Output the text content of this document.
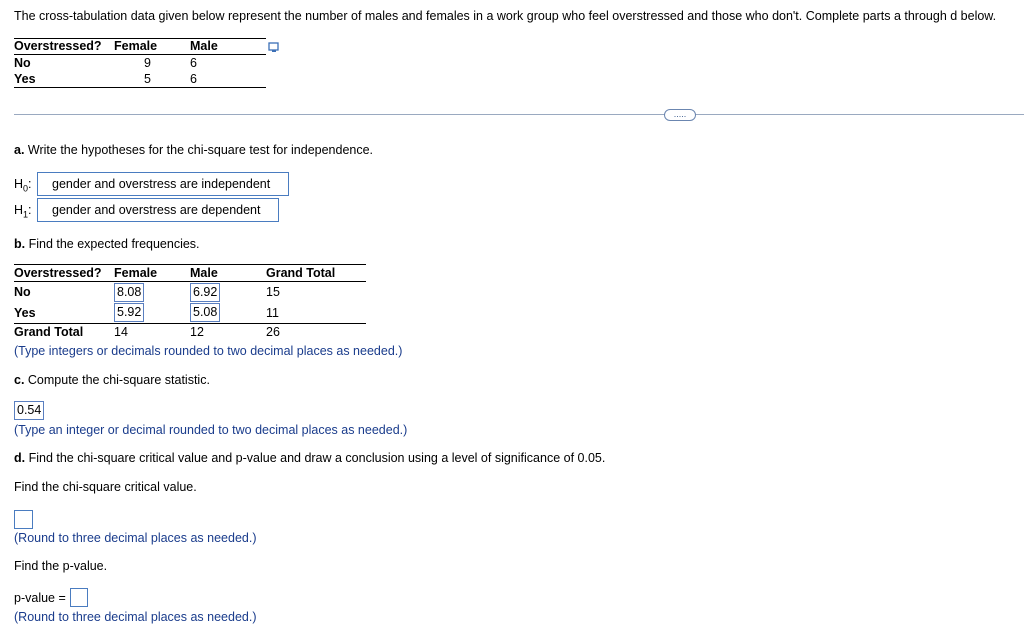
The cross-tabulation data given below represent the number of males and females in a work group who feel overstressed and those who don't. Complete parts a through d below.
Overstressed?	Female	Male
No	9	6
Yes	5	6
.....
a. Write the hypotheses for the chi-square test for independence.
$H_0$:	gender and overstress are independent
$H_1$:	gender and overstress are dependent
b. Find the expected frequencies.
Overstressed?	Female	Male	Grand Total
No	8.08	6.92	15
Yes	5.92	5.08	11
Grand Total	14	12	26
(Type integers or decimals rounded to two decimal places as needed.)
c. Compute the chi-square statistic.
0.54
(Type an integer or decimal rounded to two decimal places as needed.)
d. Find the chi-square critical value and p-value and draw a conclusion using a level of significance of 0.05.
Find the chi-square critical value.
(Round to three decimal places as needed.)
Find the p-value.
p-value =
(Round to three decimal places as needed.)
